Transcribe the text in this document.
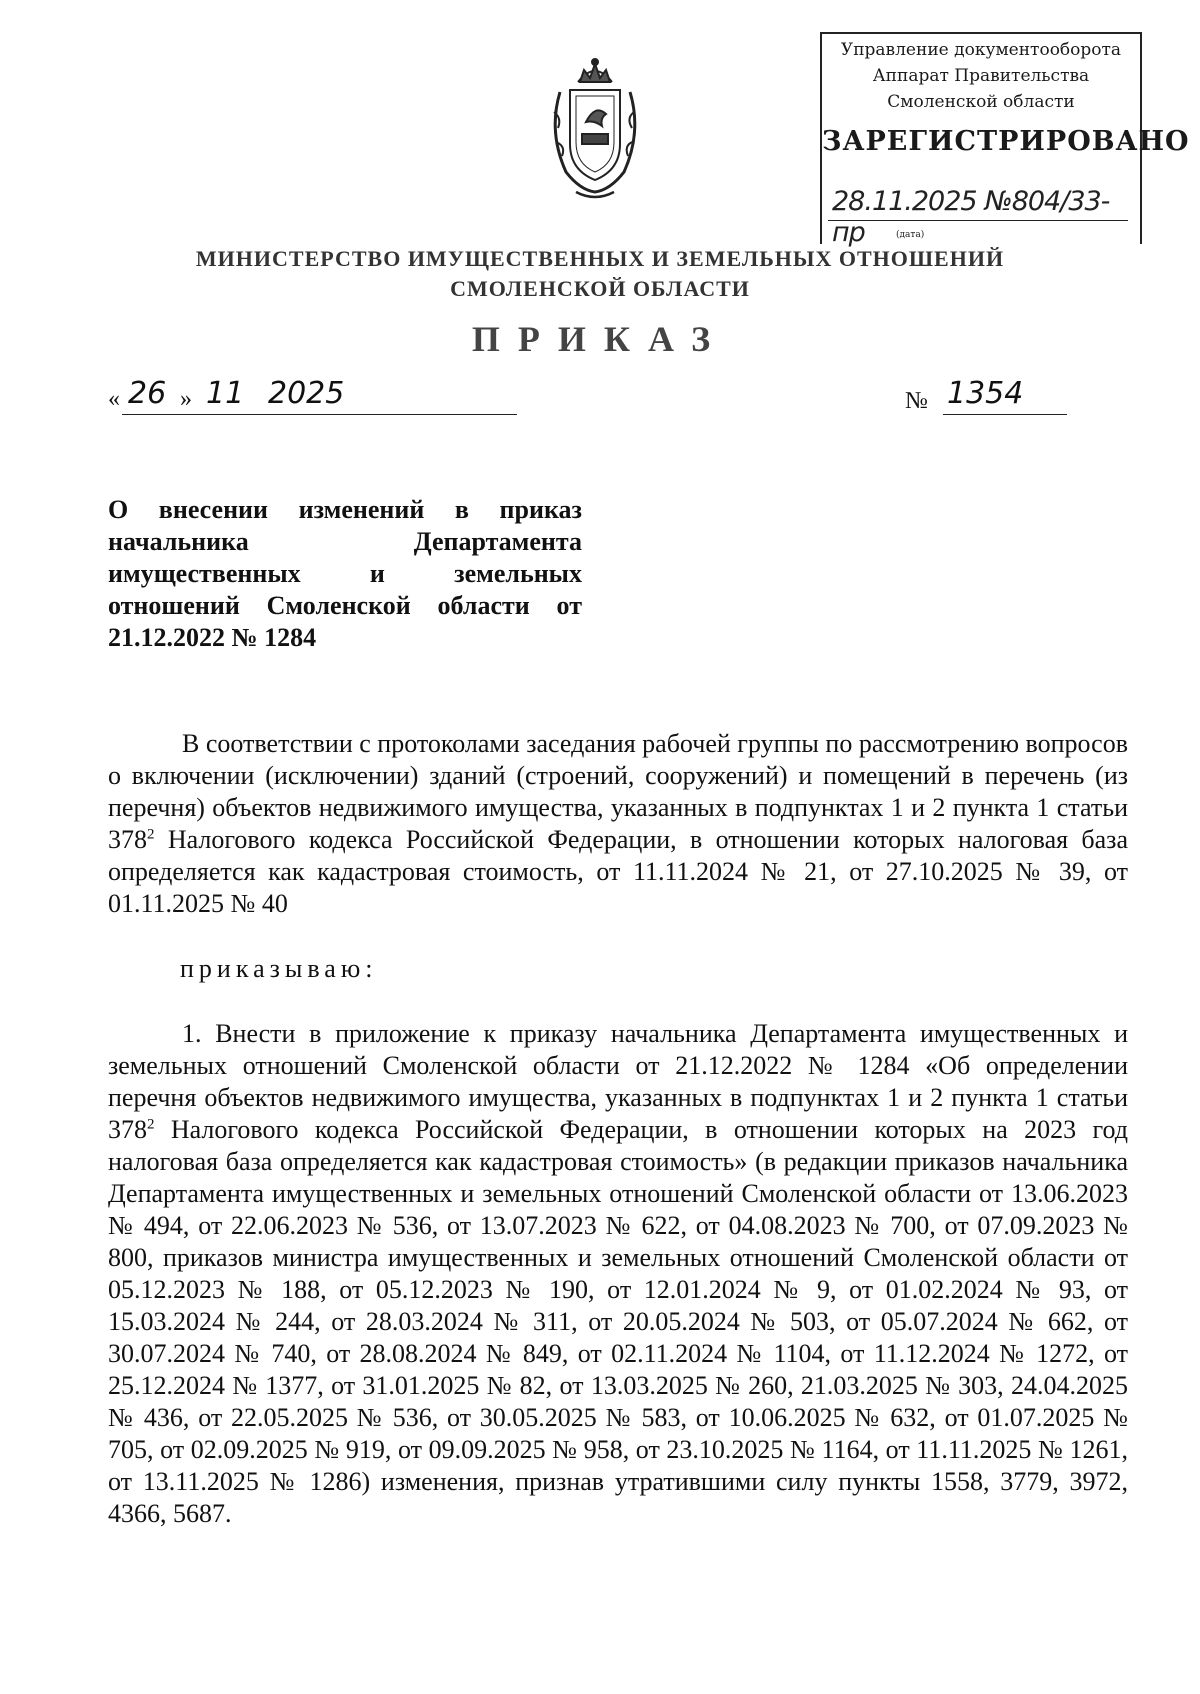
Управление документооборота
Аппарат Правительства
Смоленской области
ЗАРЕГИСТРИРОВАНО
28.11.2025 №804/33-пр	(дата)
МИНИСТЕРСТВО ИМУЩЕСТВЕННЫХ И ЗЕМЕЛЬНЫХ ОТНОШЕНИЙ
СМОЛЕНСКОЙ ОБЛАСТИ
ПРИКАЗ
« 26 » 11 2025	№ 1354
О внесении изменений в приказ начальника Департамента имущественных и земельных отношений Смоленской области от 21.12.2022 № 1284
В соответствии с протоколами заседания рабочей группы по рассмотрению вопросов о включении (исключении) зданий (строений, сооружений) и помещений в перечень (из перечня) объектов недвижимого имущества, указанных в подпунктах 1 и 2 пункта 1 статьи $378^2$ Налогового кодекса Российской Федерации, в отношении которых налоговая база определяется как кадастровая стоимость, от 11.11.2024 № 21, от 27.10.2025 № 39, от 01.11.2025 № 40
приказываю:
1. Внести в приложение к приказу начальника Департамента имущественных и земельных отношений Смоленской области от 21.12.2022 № 1284 «Об определении перечня объектов недвижимого имущества, указанных в подпунктах 1 и 2 пункта 1 статьи $378^2$ Налогового кодекса Российской Федерации, в отношении которых на 2023 год налоговая база определяется как кадастровая стоимость» (в редакции приказов начальника Департамента имущественных и земельных отношений Смоленской области от 13.06.2023 № 494, от 22.06.2023 № 536, от 13.07.2023 № 622, от 04.08.2023 № 700, от 07.09.2023 № 800, приказов министра имущественных и земельных отношений Смоленской области от 05.12.2023 № 188, от 05.12.2023 № 190, от 12.01.2024 № 9, от 01.02.2024 № 93, от 15.03.2024 № 244, от 28.03.2024 № 311, от 20.05.2024 № 503, от 05.07.2024 № 662, от 30.07.2024 № 740, от 28.08.2024 № 849, от 02.11.2024 № 1104, от 11.12.2024 № 1272, от 25.12.2024 № 1377, от 31.01.2025 № 82, от 13.03.2025 № 260, 21.03.2025 № 303, 24.04.2025 № 436, от 22.05.2025 № 536, от 30.05.2025 № 583, от 10.06.2025 № 632, от 01.07.2025 № 705, от 02.09.2025 № 919, от 09.09.2025 № 958, от 23.10.2025 № 1164, от 11.11.2025 № 1261, от 13.11.2025 № 1286) изменения, признав утратившими силу пункты 1558, 3779, 3972, 4366, 5687.
